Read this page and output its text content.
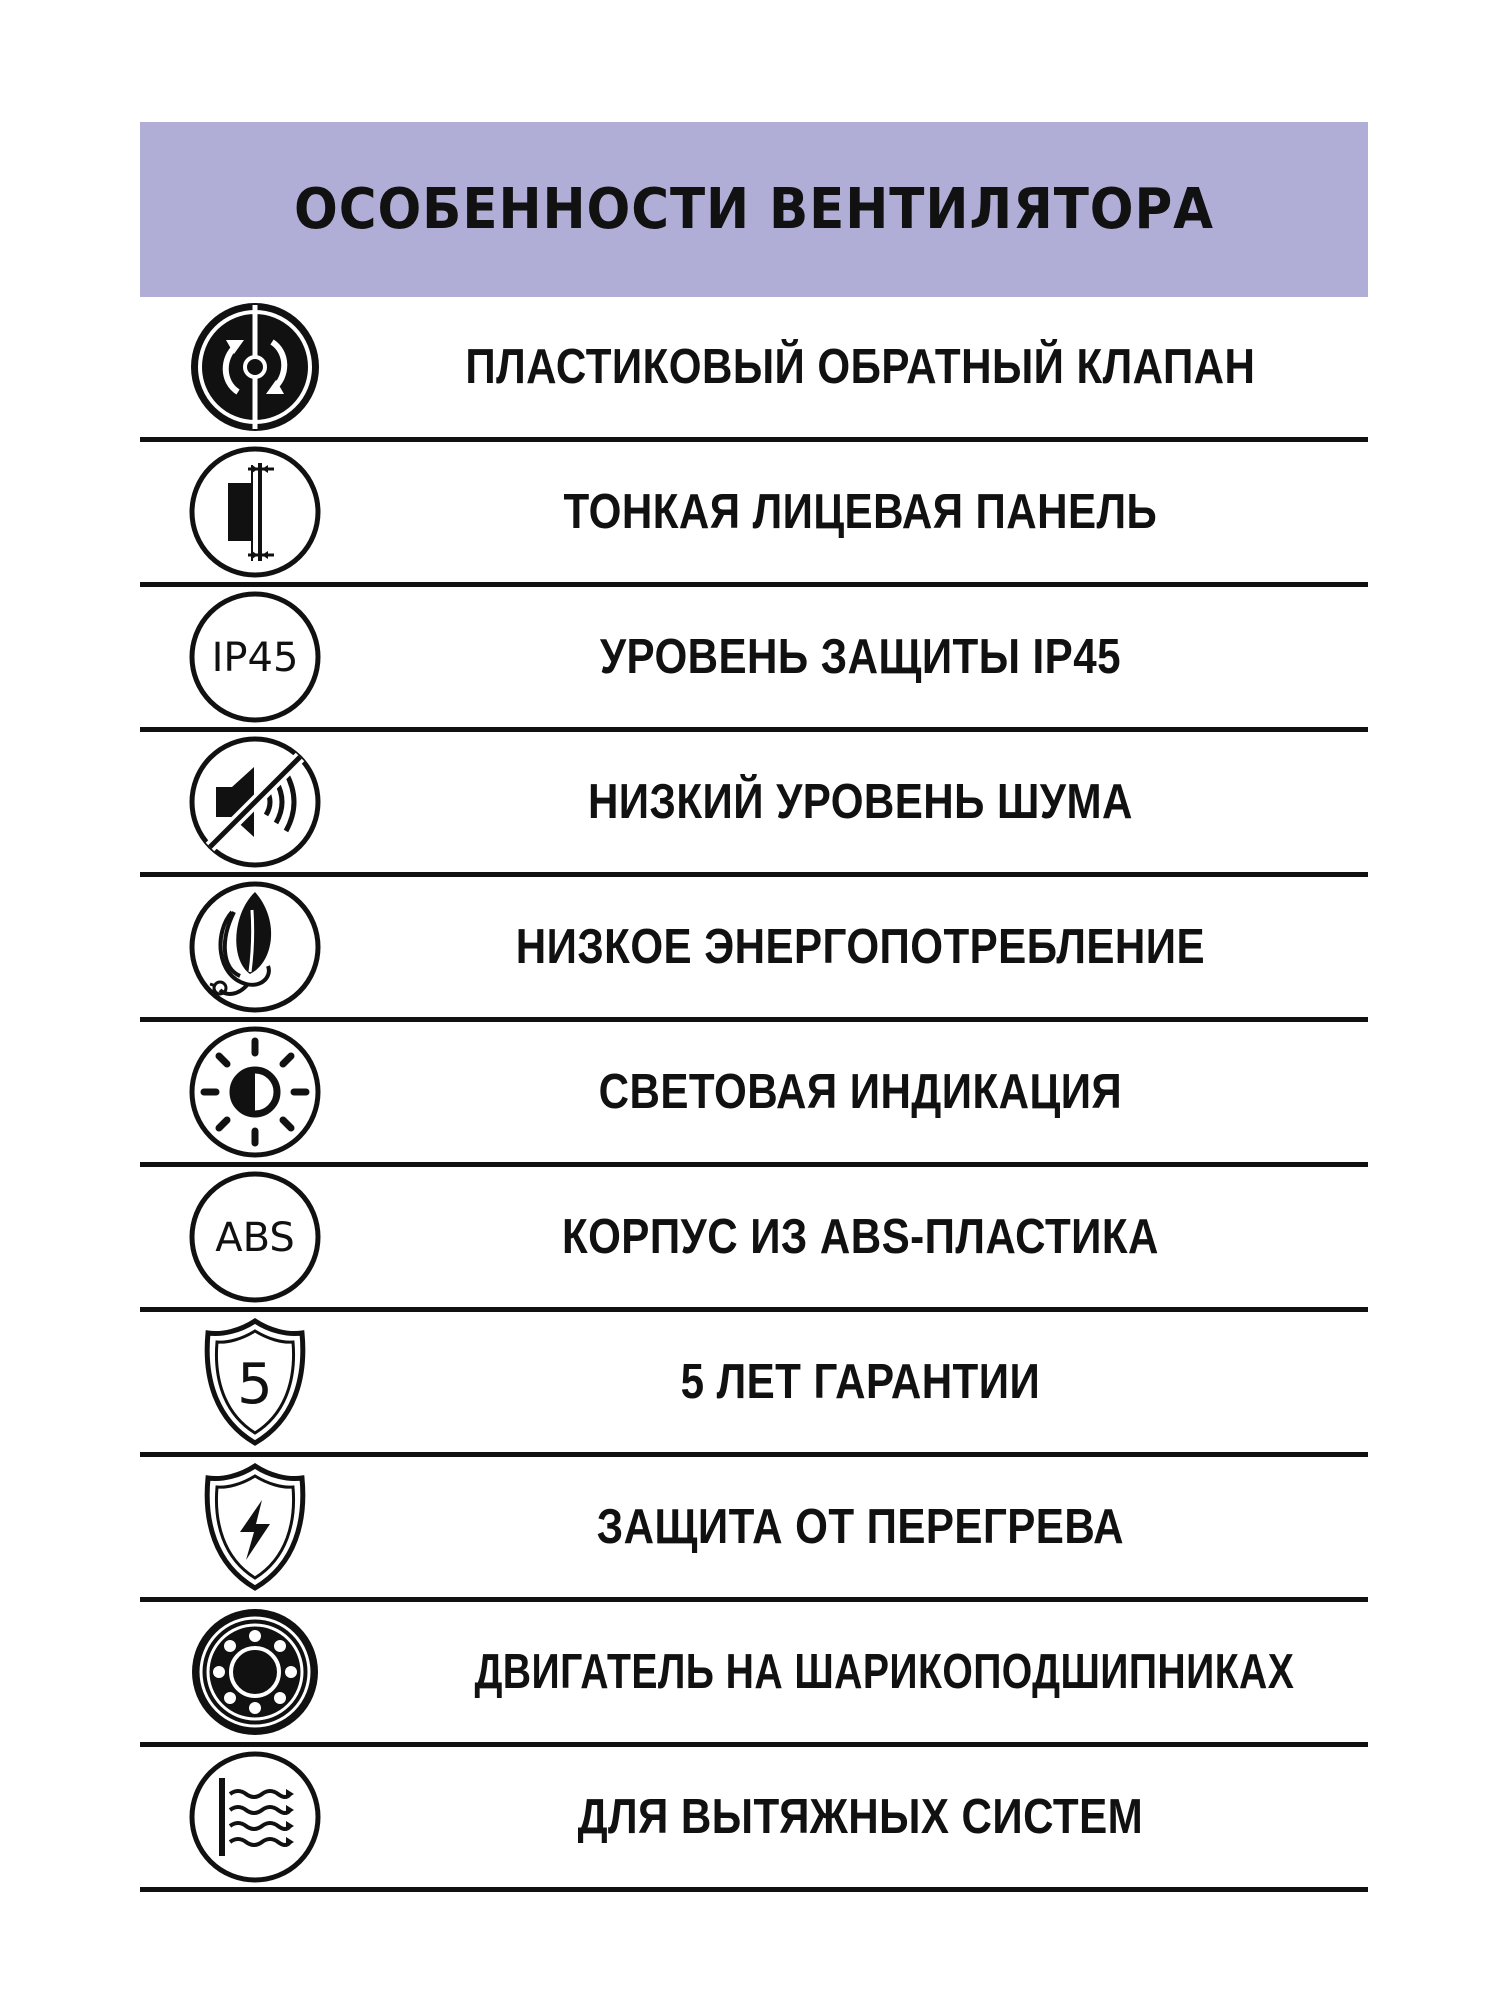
ОСОБЕННОСТИ ВЕНТИЛЯТОРА
ПЛАСТИКОВЫЙ ОБРАТНЫЙ КЛАПАН
ТОНКАЯ ЛИЦЕВАЯ ПАНЕЛЬ
IP45	УРОВЕНЬ ЗАЩИТЫ IP45
НИЗКИЙ УРОВЕНЬ ШУМА
НИЗКОЕ ЭНЕРГОПОТРЕБЛЕНИЕ
СВЕТОВАЯ ИНДИКАЦИЯ
ABS	КОРПУС ИЗ ABS-ПЛАСТИКА
5	5 ЛЕТ ГАРАНТИИ
ЗАЩИТА ОТ ПЕРЕГРЕВА
ДВИГАТЕЛЬ НА ШАРИКОПОДШИПНИКАХ
ДЛЯ ВЫТЯЖНЫХ СИСТЕМ
